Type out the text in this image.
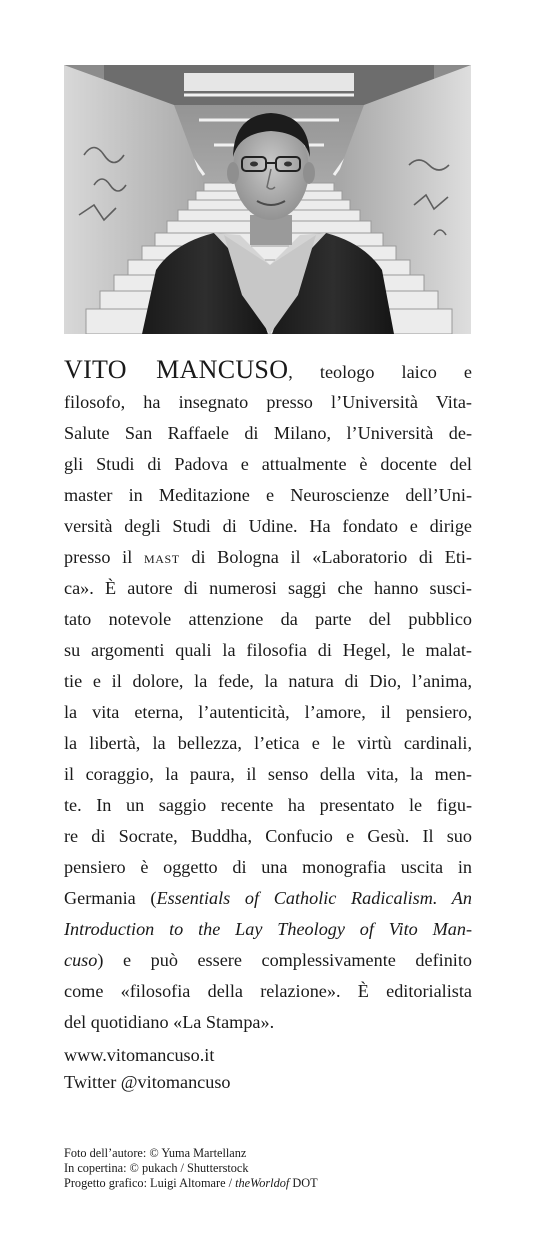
VITO MANCUSO, teologo laico e
filosofo, ha insegnato presso l’Università Vita-
Salute San Raffaele di Milano, l’Università de-
gli Studi di Padova e attualmente è docente del
master in Meditazione e Neuroscienze dell’Uni-
versità degli Studi di Udine. Ha fondato e dirige
presso il MAST di Bologna il «Laboratorio di Eti-
ca». È autore di numerosi saggi che hanno susci-
tato notevole attenzione da parte del pubblico
su argomenti quali la filosofia di Hegel, le malat-
tie e il dolore, la fede, la natura di Dio, l’anima,
la vita eterna, l’autenticità, l’amore, il pensiero,
la libertà, la bellezza, l’etica e le virtù cardinali,
il coraggio, la paura, il senso della vita, la men-
te. In un saggio recente ha presentato le figu-
re di Socrate, Buddha, Confucio e Gesù. Il suo
pensiero è oggetto di una monografia uscita in
Germania (Essentials of Catholic Radicalism. An
Introduction to the Lay Theology of Vito Man-
cuso) e può essere complessivamente definito
come «filosofia della relazione». È editorialista
del quotidiano «La Stampa».
www.vitomancuso.it
Twitter @vitomancuso
Foto dell’autore: © Yuma Martellanz
In copertina: © pukach / Shutterstock
Progetto grafico: Luigi Altomare / theWorldof DOT
